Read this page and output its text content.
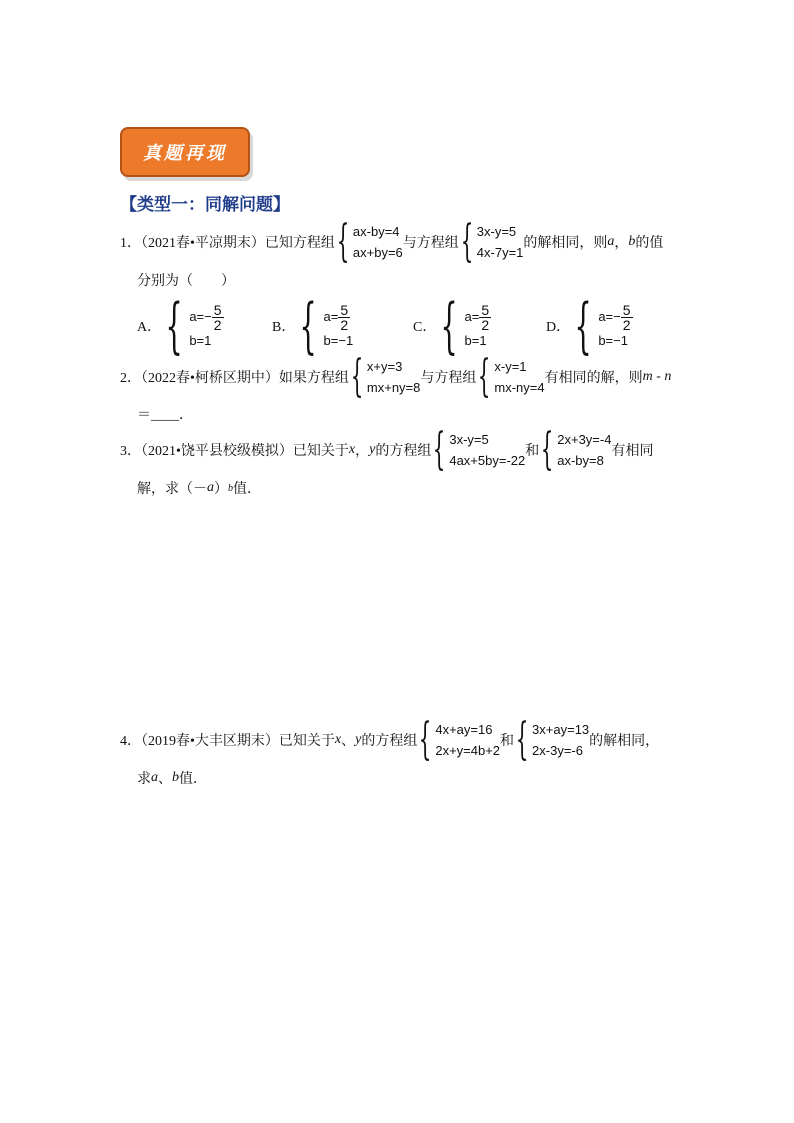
真题再现
【类型一：同解问题】
1．（2021春•平凉期末）已知方程组 { ax-by=4
ax+by=6
与方程组 { 3x-y=5
4x-7y=1
的解相同，则 a ， b 的值
分别为（　　）
A． { $a=- \frac{5}{2}$
b=1
B． { $a= \frac{5}{2}$
b=−1
C． { $a= \frac{5}{2}$
b=1
D． { $a=- \frac{5}{2}$
b=−1
2．（2022春•柯桥区期中）如果方程组 { x+y=3
mx+ny=8
与方程组 { x-y=1
mx-ny=4
有相同的解，则 m - n
＝____．
3．（2021•饶平县校级模拟）已知关于 x ， y 的方程组 { 3x-y=5
4ax+5by=-22
和 { 2x+3y=-4
ax-by=8
有相同
解，求（－ a ） b 值．
4．（2019春•大丰区期末）已知关于 x 、 y 的方程组 { 4x+ay=16
2x+y=4b+2
和 { 3x+ay=13
2x-3y=-6
的解相同，
求 a 、 b 值．
